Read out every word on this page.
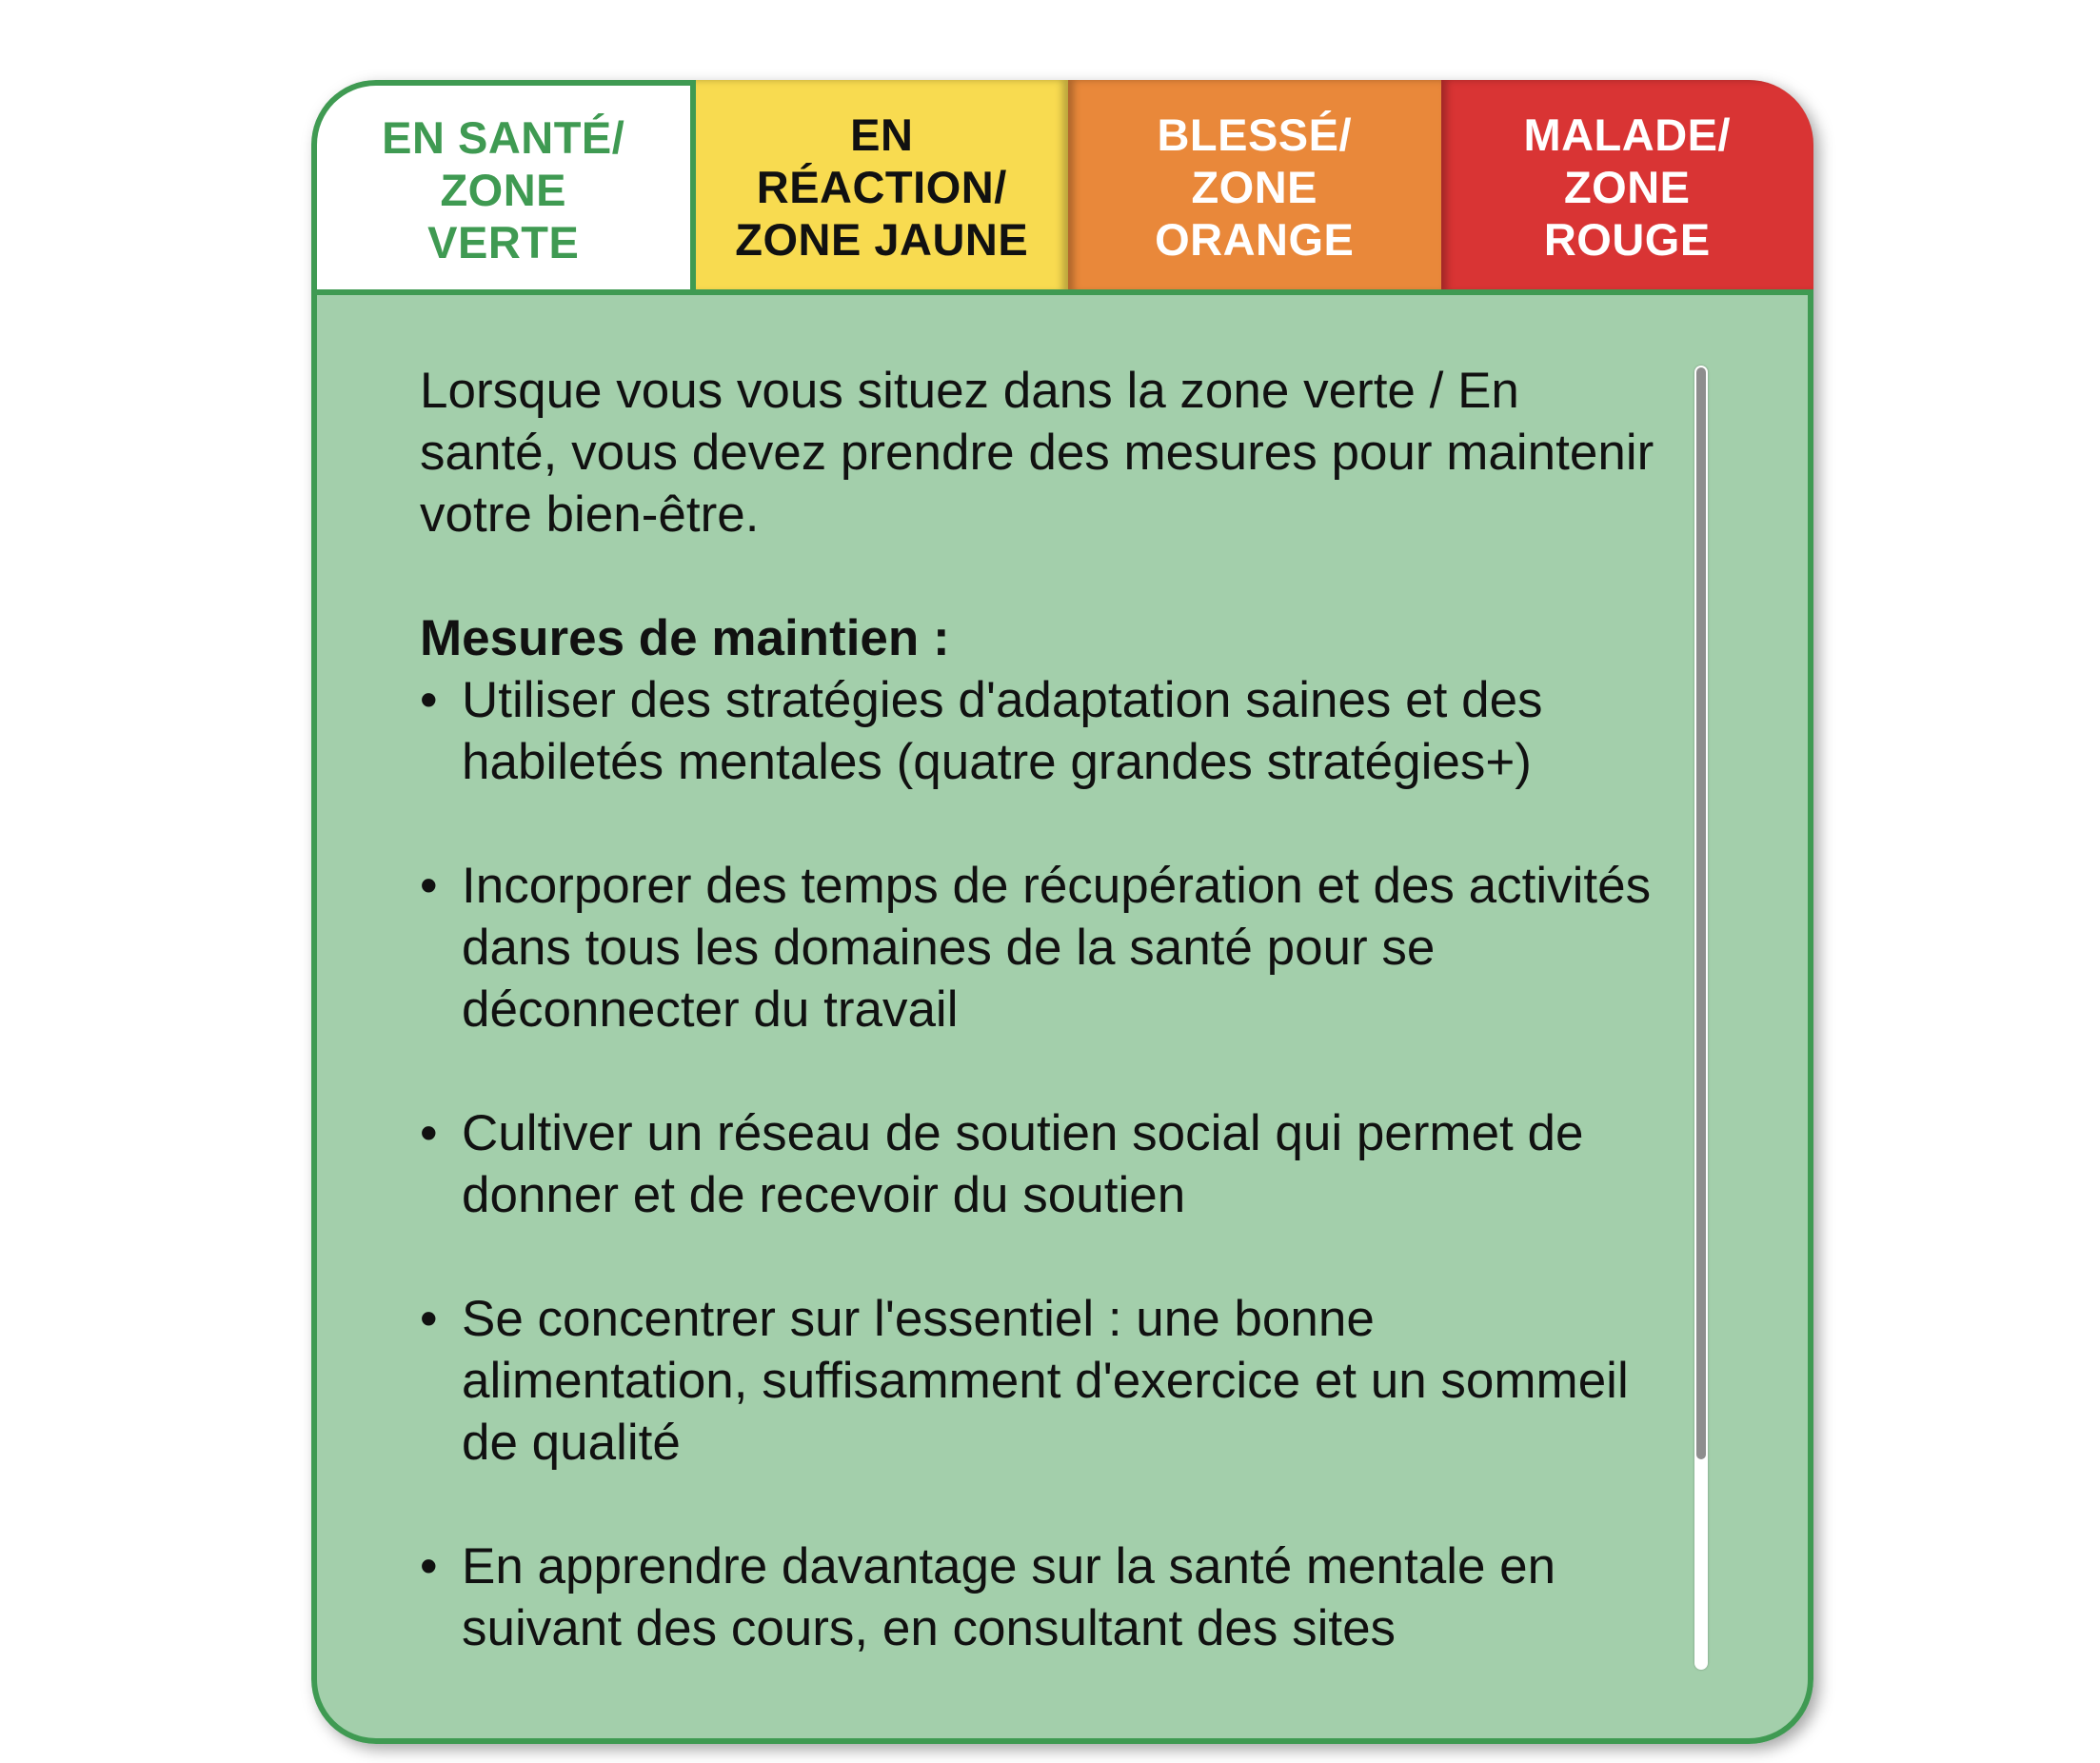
EN SANTÉ/
ZONE
VERTE
EN
RÉACTION/
ZONE JAUNE
BLESSÉ/
ZONE
ORANGE
MALADE/
ZONE
ROUGE

Lorsque vous vous situez dans la zone verte / En santé, vous devez prendre des mesures pour maintenir votre bien-être.

Mesures de maintien :

• Utiliser des stratégies d'adaptation saines et des habiletés mentales (quatre grandes stratégies+)
• Incorporer des temps de récupération et des activités dans tous les domaines de la santé pour se déconnecter du travail
• Cultiver un réseau de soutien social qui permet de donner et de recevoir du soutien
• Se concentrer sur l'essentiel : une bonne alimentation, suffisamment d'exercice et un sommeil de qualité
• En apprendre davantage sur la santé mentale en suivant des cours, en consultant des sites
